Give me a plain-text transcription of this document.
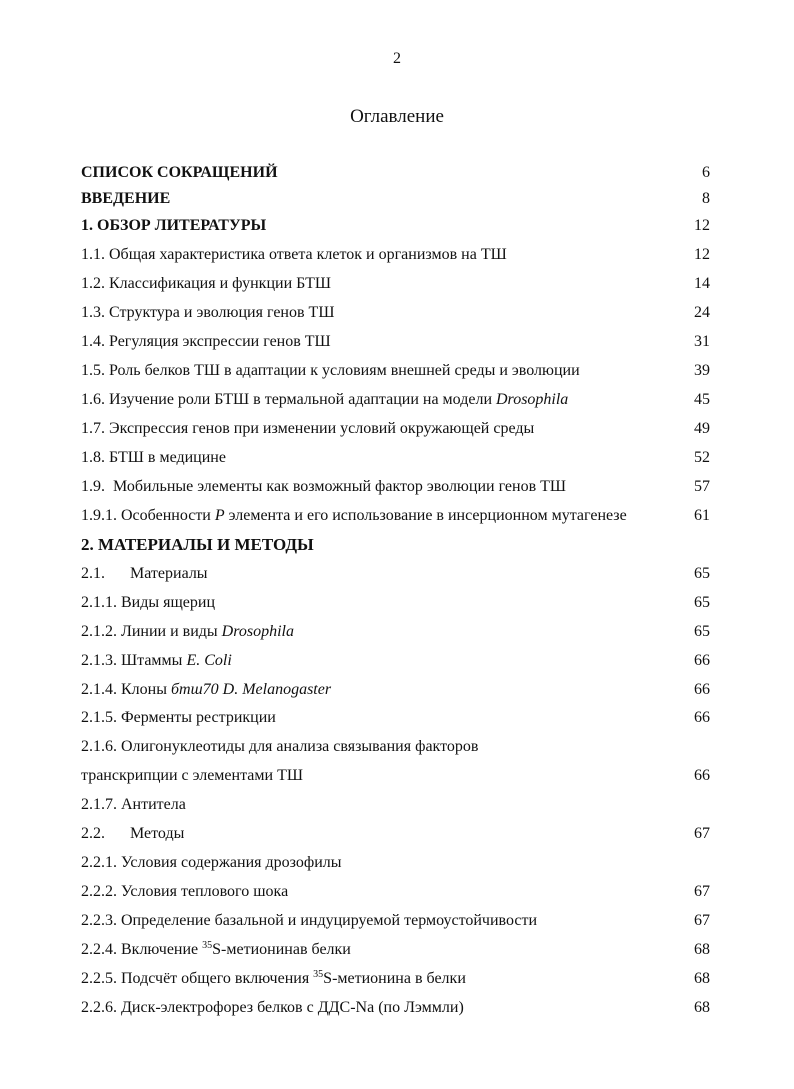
2
Оглавление
СПИСОК СОКРАЩЕНИЙ	6
ВВЕДЕНИЕ	8
1. ОБЗОР ЛИТЕРАТУРЫ	12
1.1. Общая характеристика ответа клеток и организмов на ТШ	12
1.2. Классификация и функции БТШ	14
1.3. Структура и эволюция генов ТШ	24
1.4. Регуляция экспрессии генов ТШ	31
1.5. Роль белков ТШ в адаптации к условиям внешней среды и эволюции	39
1.6. Изучение роли БТШ в термальной адаптации на модели Drosophila	45
1.7. Экспрессия генов при изменении условий окружающей среды	49
1.8. БТШ в медицине	52
1.9.  Мобильные элементы как возможный фактор эволюции генов ТШ	57
1.9.1. Особенности P элемента и его использование в инсерционном мутагенезе	61
2. МАТЕРИАЛЫ И МЕТОДЫ
2.1. Материалы	65
2.1.1. Виды ящериц	65
2.1.2. Линии и виды Drosophila	65
2.1.3. Штаммы E. Coli	66
2.1.4. Клоны бтш70 D. Melanogaster	66
2.1.5. Ферменты рестрикции	66
2.1.6. Олигонуклеотиды для анализа связывания факторов
транскрипции с элементами ТШ	66
2.1.7. Антитела
2.2. Методы	67
2.2.1. Условия содержания дрозофилы
2.2.2. Условия теплового шока	67
2.2.3. Определение базальной и индуцируемой термоустойчивости	67
2.2.4. Включение $^{35}$S-метионинав белки	68
2.2.5. Подсчёт общего включения $^{35}$S-метионина в белки	68
2.2.6. Диск-электрофорез белков с ДДС-Na (по Лэммли)	68
